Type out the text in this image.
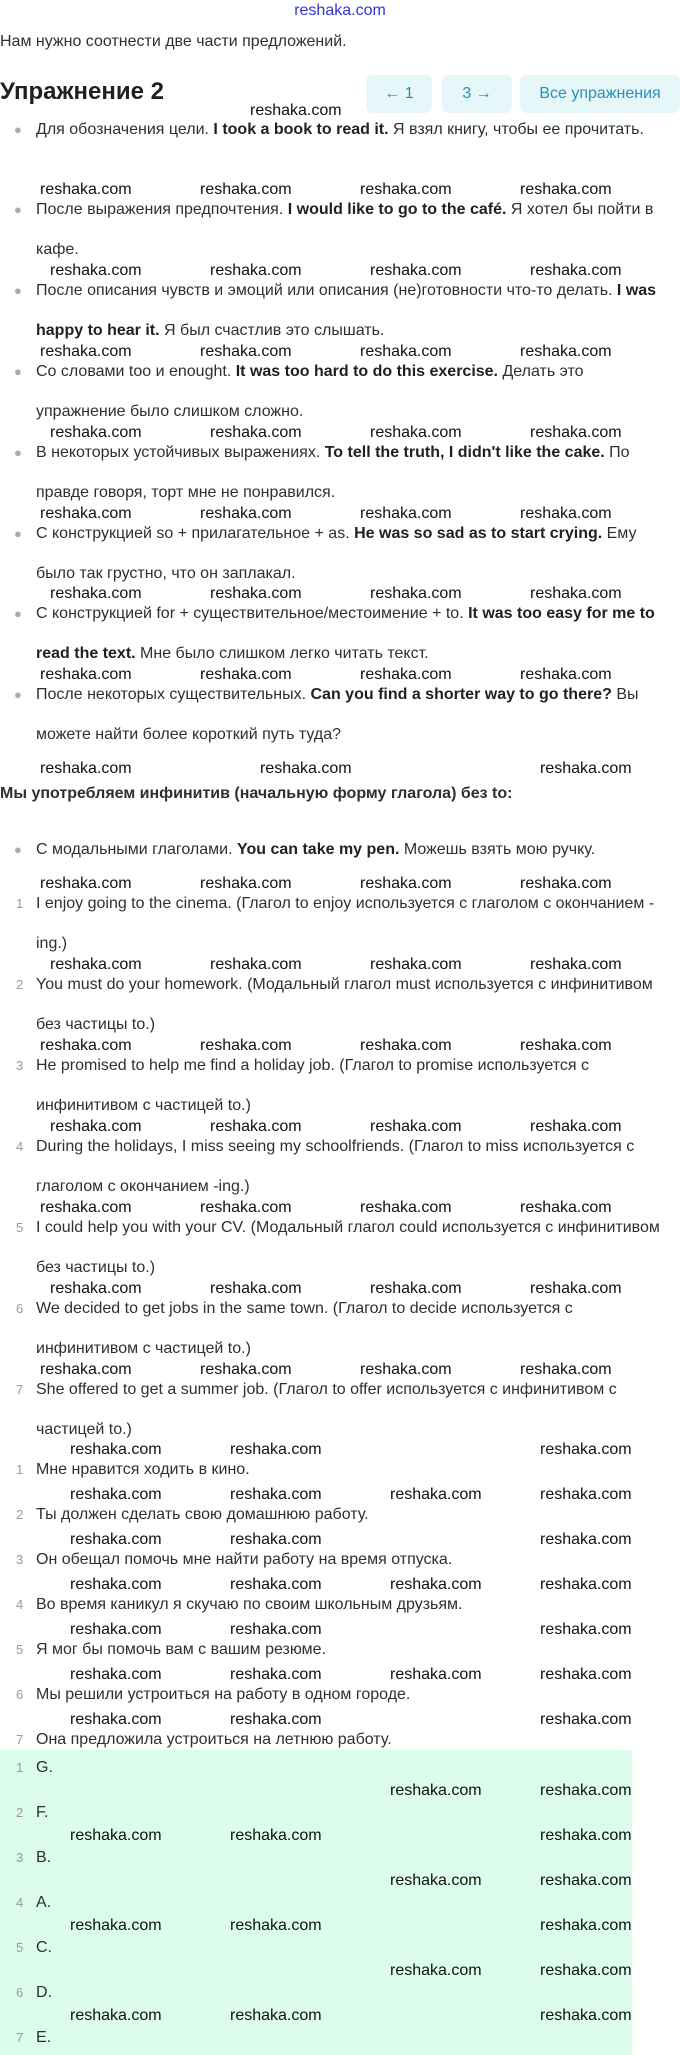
reshaka.com
Нам нужно соотнести две части предложений.
Упражнение 2	← 1	3 →	Все упражнения
● Для обозначения цели. I took a book to read it. Я взял книгу, чтобы ее прочитать.
● После выражения предпочтения. I would like to go to the café. Я хотел бы пойти в кафе.
● После описания чувств и эмоций или описания (не)готовности что-то делать. I was happy to hear it. Я был счастлив это слышать.
● Со словами too и enought. It was too hard to do this exercise. Делать это упражнение было слишком сложно.
● В некоторых устойчивых выражениях. To tell the truth, I didn't like the cake. По правде говоря, торт мне не понравился.
● С конструкцией so + прилагательное + as. He was so sad as to start crying. Ему было так грустно, что он заплакал.
● С конструкцией for + существительное/местоимение + to. It was too easy for me to read the text. Мне было слишком легко читать текст.
● После некоторых существительных. Can you find a shorter way to go there? Вы можете найти более короткий путь туда?
Мы употребляем инфинитив (начальную форму глагола) без to:
● С модальными глаголами. You can take my pen. Можешь взять мою ручку.
1 I enjoy going to the cinema. (Глагол to enjoy используется с глаголом с окончанием -ing.)
2 You must do your homework. (Модальный глагол must используется с инфинитивом без частицы to.)
3 He promised to help me find a holiday job. (Глагол to promise используется с инфинитивом с частицей to.)
4 During the holidays, I miss seeing my schoolfriends. (Глагол to miss используется с глаголом с окончанием -ing.)
5 I could help you with your CV. (Модальный глагол could используется с инфинитивом без частицы to.)
6 We decided to get jobs in the same town. (Глагол to decide используется с инфинитивом с частицей to.)
7 She offered to get a summer job. (Глагол to offer используется с инфинитивом с частицей to.)
1 Мне нравится ходить в кино.
2 Ты должен сделать свою домашнюю работу.
3 Он обещал помочь мне найти работу на время отпуска.
4 Во время каникул я скучаю по своим школьным друзьям.
5 Я мог бы помочь вам с вашим резюме.
6 Мы решили устроиться на работу в одном городе.
7 Она предложила устроиться на летнюю работу.
1 G.
2 F.
3 B.
4 A.
5 C.
6 D.
7 E.
reshaka.com
reshaka.com	reshaka.com	reshaka.com	reshaka.com
reshaka.com	reshaka.com	reshaka.com	reshaka.com
reshaka.com	reshaka.com	reshaka.com	reshaka.com
reshaka.com	reshaka.com	reshaka.com	reshaka.com
reshaka.com	reshaka.com	reshaka.com	reshaka.com
reshaka.com	reshaka.com	reshaka.com	reshaka.com
reshaka.com	reshaka.com	reshaka.com	reshaka.com
reshaka.com	reshaka.com	reshaka.com
reshaka.com	reshaka.com	reshaka.com	reshaka.com
reshaka.com	reshaka.com	reshaka.com	reshaka.com
reshaka.com	reshaka.com	reshaka.com	reshaka.com
reshaka.com	reshaka.com	reshaka.com	reshaka.com
reshaka.com	reshaka.com	reshaka.com	reshaka.com
reshaka.com	reshaka.com	reshaka.com	reshaka.com
reshaka.com	reshaka.com	reshaka.com	reshaka.com
reshaka.com	reshaka.com	reshaka.com
reshaka.com	reshaka.com	reshaka.com	reshaka.com
reshaka.com	reshaka.com	reshaka.com
reshaka.com	reshaka.com	reshaka.com	reshaka.com
reshaka.com	reshaka.com	reshaka.com
reshaka.com	reshaka.com	reshaka.com	reshaka.com
reshaka.com	reshaka.com	reshaka.com
reshaka.com	reshaka.com
reshaka.com	reshaka.com	reshaka.com
reshaka.com	reshaka.com
reshaka.com	reshaka.com	reshaka.com
reshaka.com	reshaka.com
reshaka.com	reshaka.com	reshaka.com
